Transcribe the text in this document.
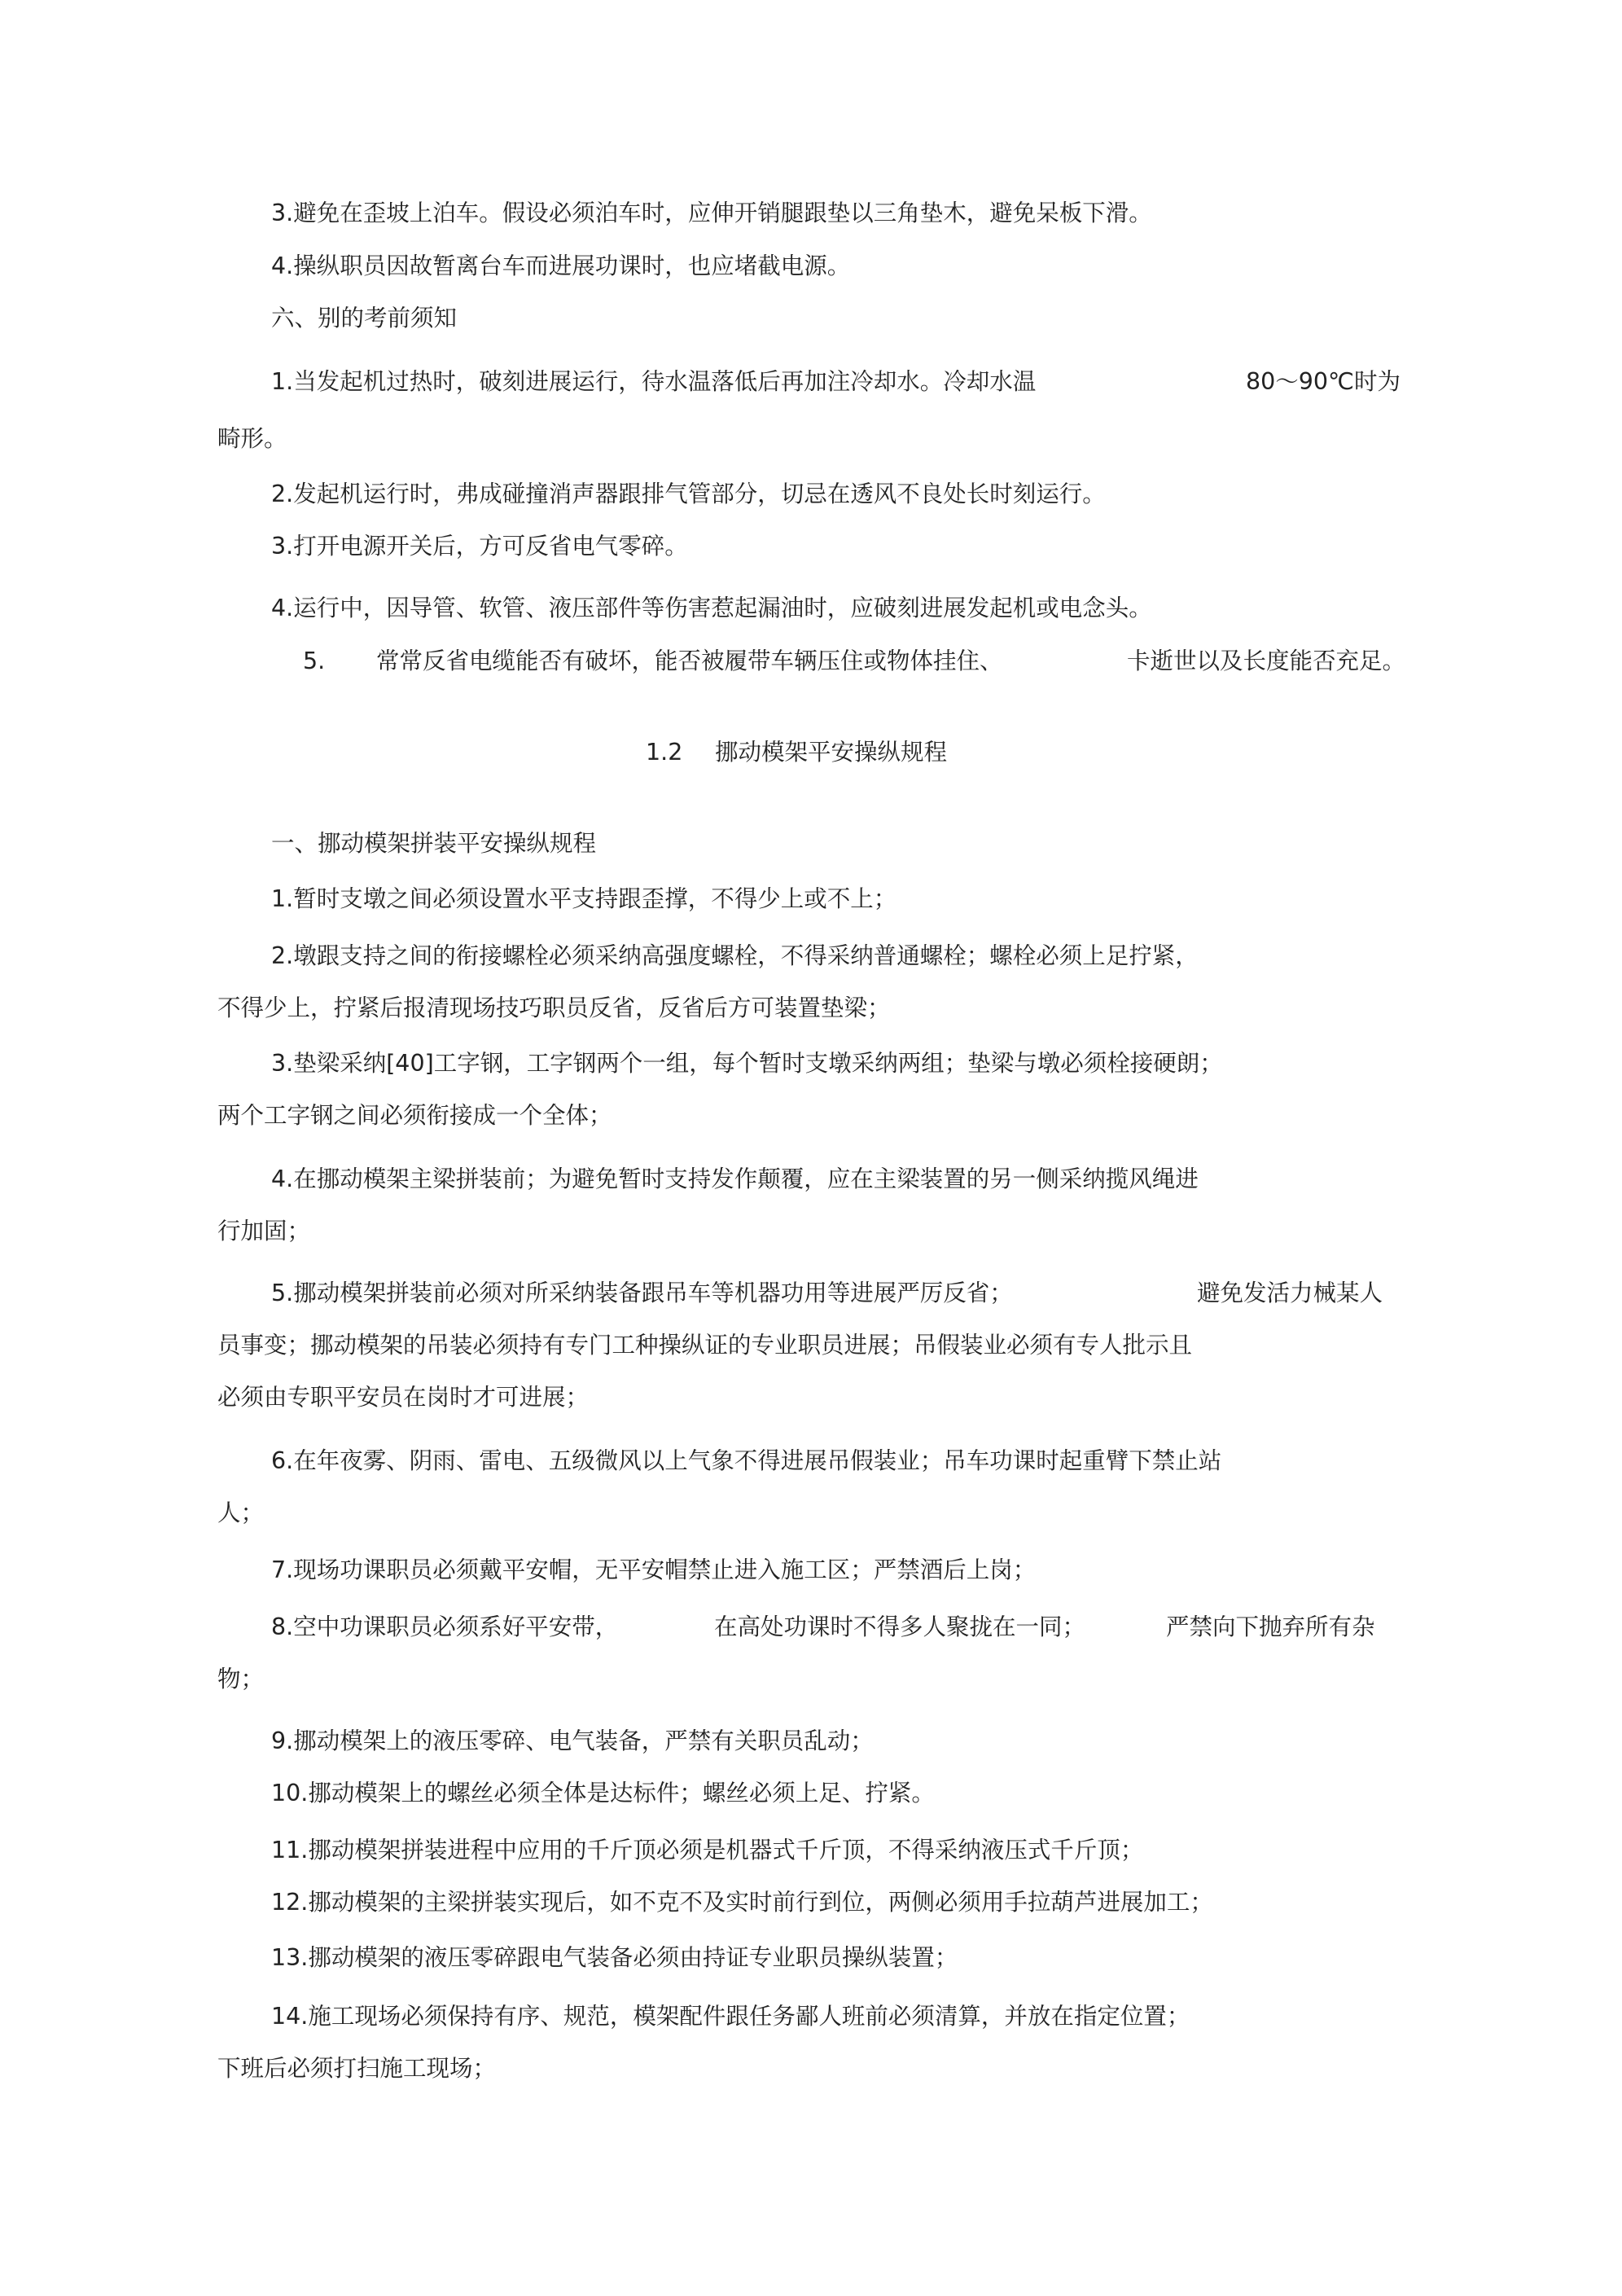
3.避免在歪坡上泊车。假设必须泊车时，应伸开销腿跟垫以三角垫木，避免呆板下滑。
4.操纵职员因故暂离台车而进展功课时，也应堵截电源。
六、别的考前须知
1.当发起机过热时，破刻进展运行，待水温落低后再加注冷却水。冷却水温	80～90℃时为
畸形。
2.发起机运行时，弗成碰撞消声器跟排气管部分，切忌在透风不良处长时刻运行。
3.打开电源开关后，方可反省电气零碎。
4.运行中，因导管、软管、液压部件等伤害惹起漏油时，应破刻进展发起机或电念头。
5. 常常反省电缆能否有破坏，能否被履带车辆压住或物体挂住、	卡逝世以及长度能否充足。
1.2 挪动模架平安操纵规程
一、挪动模架拼装平安操纵规程
1.暂时支墩之间必须设置水平支持跟歪撑，不得少上或不上；
2.墩跟支持之间的衔接螺栓必须采纳高强度螺栓，不得采纳普通螺栓；螺栓必须上足拧紧，
不得少上，拧紧后报清现场技巧职员反省，反省后方可装置垫梁；
3.垫梁采纳[40]工字钢，工字钢两个一组，每个暂时支墩采纳两组；垫梁与墩必须栓接硬朗；
两个工字钢之间必须衔接成一个全体；
4.在挪动模架主梁拼装前；为避免暂时支持发作颠覆，应在主梁装置的另一侧采纳揽风绳进
行加固；
5.挪动模架拼装前必须对所采纳装备跟吊车等机器功用等进展严厉反省；	避免发活力械某人
员事变；挪动模架的吊装必须持有专门工种操纵证的专业职员进展；吊假装业必须有专人批示且
必须由专职平安员在岗时才可进展；
6.在年夜雾、阴雨、雷电、五级微风以上气象不得进展吊假装业；吊车功课时起重臂下禁止站
人；
7.现场功课职员必须戴平安帽，无平安帽禁止进入施工区；严禁酒后上岗；
8.空中功课职员必须系好平安带，	在高处功课时不得多人聚拢在一同；	严禁向下抛弃所有杂
物；
9.挪动模架上的液压零碎、电气装备，严禁有关职员乱动；
10.挪动模架上的螺丝必须全体是达标件；螺丝必须上足、拧紧。
11.挪动模架拼装进程中应用的千斤顶必须是机器式千斤顶，不得采纳液压式千斤顶；
12.挪动模架的主梁拼装实现后，如不克不及实时前行到位，两侧必须用手拉葫芦进展加工；
13.挪动模架的液压零碎跟电气装备必须由持证专业职员操纵装置；
14.施工现场必须保持有序、规范，模架配件跟任务鄙人班前必须清算，并放在指定位置；
下班后必须打扫施工现场；
